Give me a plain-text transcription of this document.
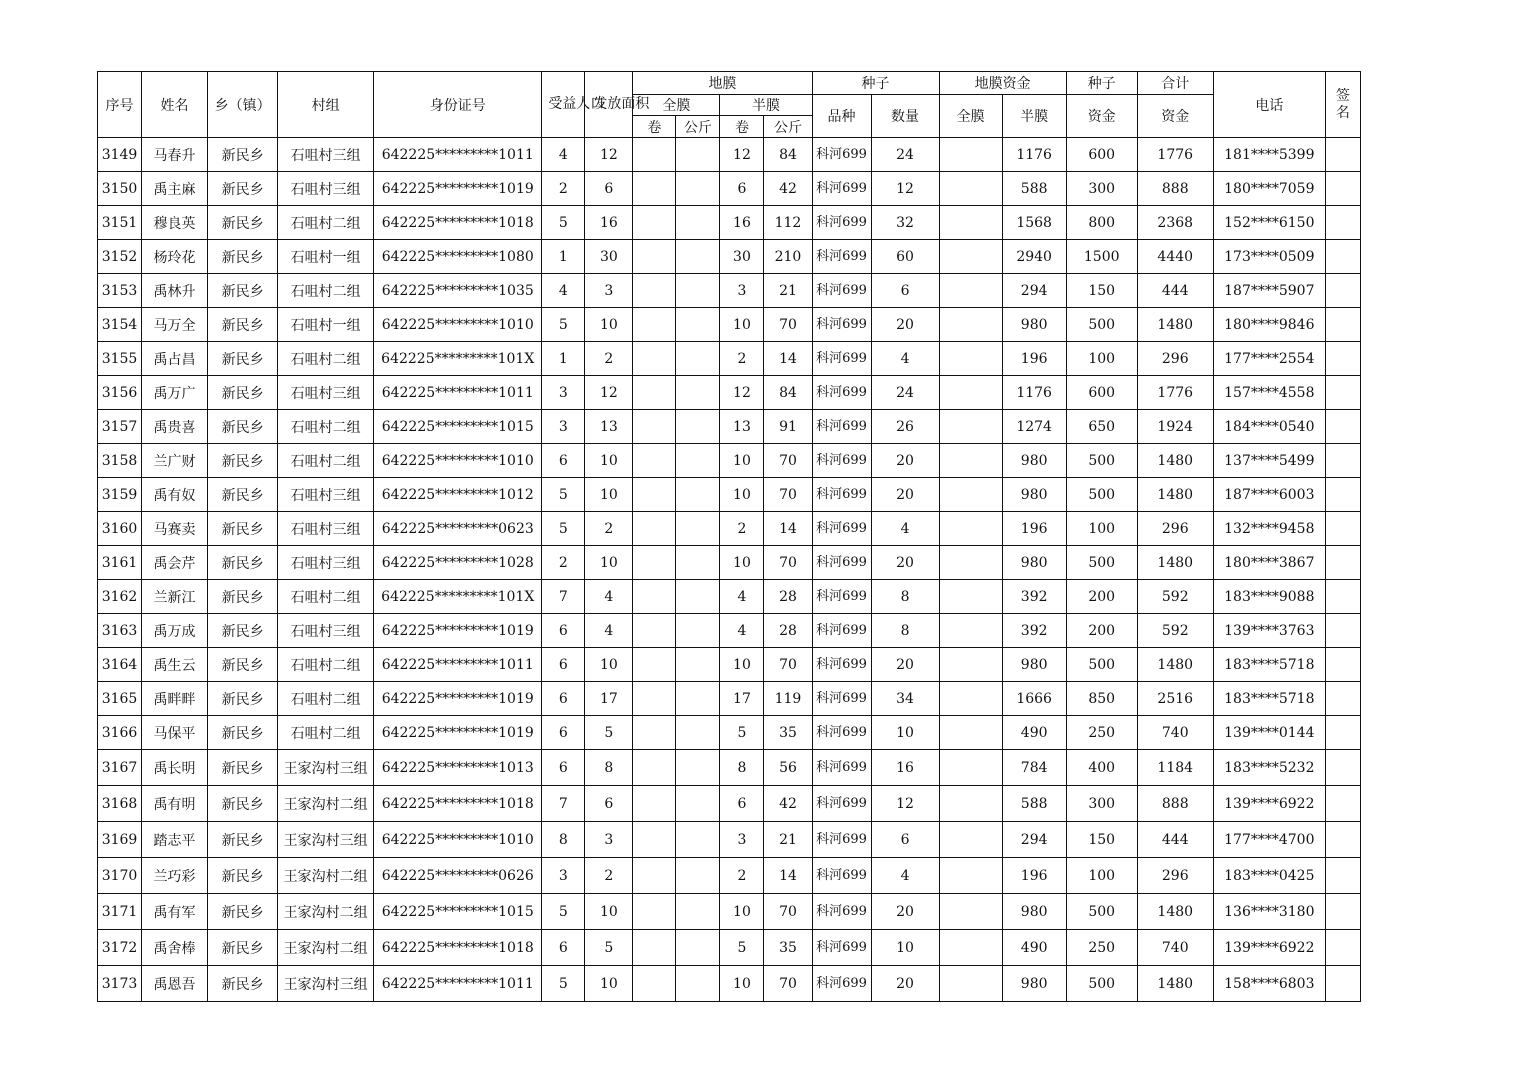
序号	姓名	乡（镇）	村组	身份证号	受益人口	发放面积	地膜				种子		地膜资金		种子	合计	电话	签名

							全膜		半膜		品种	数量	全膜	半膜	资金	资金		
							卷	公斤	卷	公斤								
3149	马春升	新民乡	石咀村三组	642225*********1011	4	12			12	84	科河699	24		1176	600	1776	181****5399	
3150	禹主麻	新民乡	石咀村三组	642225*********1019	2	6			6	42	科河699	12		588	300	888	180****7059	
3151	穆良英	新民乡	石咀村二组	642225*********1018	5	16			16	112	科河699	32		1568	800	2368	152****6150	
3152	杨玲花	新民乡	石咀村一组	642225*********1080	1	30			30	210	科河699	60		2940	1500	4440	173****0509	
3153	禹林升	新民乡	石咀村二组	642225*********1035	4	3			3	21	科河699	6		294	150	444	187****5907	
3154	马万全	新民乡	石咀村一组	642225*********1010	5	10			10	70	科河699	20		980	500	1480	180****9846	
3155	禹占昌	新民乡	石咀村二组	642225*********101X	1	2			2	14	科河699	4		196	100	296	177****2554	
3156	禹万广	新民乡	石咀村三组	642225*********1011	3	12			12	84	科河699	24		1176	600	1776	157****4558	
3157	禹贵喜	新民乡	石咀村二组	642225*********1015	3	13			13	91	科河699	26		1274	650	1924	184****0540	
3158	兰广财	新民乡	石咀村二组	642225*********1010	6	10			10	70	科河699	20		980	500	1480	137****5499	
3159	禹有奴	新民乡	石咀村三组	642225*********1012	5	10			10	70	科河699	20		980	500	1480	187****6003	
3160	马赛卖	新民乡	石咀村三组	642225*********0623	5	2			2	14	科河699	4		196	100	296	132****9458	
3161	禹会芹	新民乡	石咀村三组	642225*********1028	2	10			10	70	科河699	20		980	500	1480	180****3867	
3162	兰新江	新民乡	石咀村二组	642225*********101X	7	4			4	28	科河699	8		392	200	592	183****9088	
3163	禹万成	新民乡	石咀村三组	642225*********1019	6	4			4	28	科河699	8		392	200	592	139****3763	
3164	禹生云	新民乡	石咀村二组	642225*********1011	6	10			10	70	科河699	20		980	500	1480	183****5718	
3165	禹畔畔	新民乡	石咀村二组	642225*********1019	6	17			17	119	科河699	34		1666	850	2516	183****5718	
3166	马保平	新民乡	石咀村二组	642225*********1019	6	5			5	35	科河699	10		490	250	740	139****0144	
3167	禹长明	新民乡	王家沟村三组	642225*********1013	6	8			8	56	科河699	16		784	400	1184	183****5232	
3168	禹有明	新民乡	王家沟村二组	642225*********1018	7	6			6	42	科河699	12		588	300	888	139****6922	
3169	踏志平	新民乡	王家沟村三组	642225*********1010	8	3			3	21	科河699	6		294	150	444	177****4700	
3170	兰巧彩	新民乡	王家沟村二组	642225*********0626	3	2			2	14	科河699	4		196	100	296	183****0425	
3171	禹有军	新民乡	王家沟村二组	642225*********1015	5	10			10	70	科河699	20		980	500	1480	136****3180	
3172	禹舍棒	新民乡	王家沟村二组	642225*********1018	6	5			5	35	科河699	10		490	250	740	139****6922	
3173	禹恩吾	新民乡	王家沟村三组	642225*********1011	5	10			10	70	科河699	20		980	500	1480	158****6803	
